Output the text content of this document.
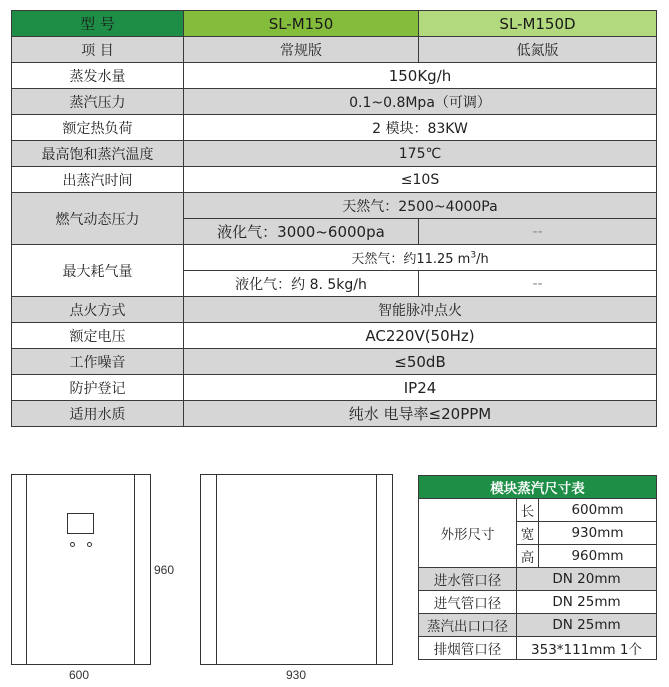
型 号	SL-M150	SL-M150D
项 目	常规版	低氮版
蒸发水量	150Kg/h	
蒸汽压力	0.1~0.8Mpa（可调）	
额定热负荷	2 模块：83KW	
最高饱和蒸汽温度	175℃	
出蒸汽时间	≤10S	
燃气动态压力	天然气：2500~4000Pa	
	液化气：3000~6000pa	--
最大耗气量	天然气：约11.25 $m^3/h$	
	液化气：约 8. 5kg/h	--
点火方式	智能脉冲点火	
额定电压	AC220V(50Hz)	
工作噪音	≤50dB	
防护登记	IP24	
适用水质	纯水 电导率≤20PPM	
600
960
930
模块蒸汽尺寸表		
外形尺寸	长	600mm
	宽	930mm
	高	960mm
进水管口径	DN 20mm	
进气管口径	DN 25mm	
蒸汽出口口径	DN 25mm	
排烟管口径	353*111mm 1个	
